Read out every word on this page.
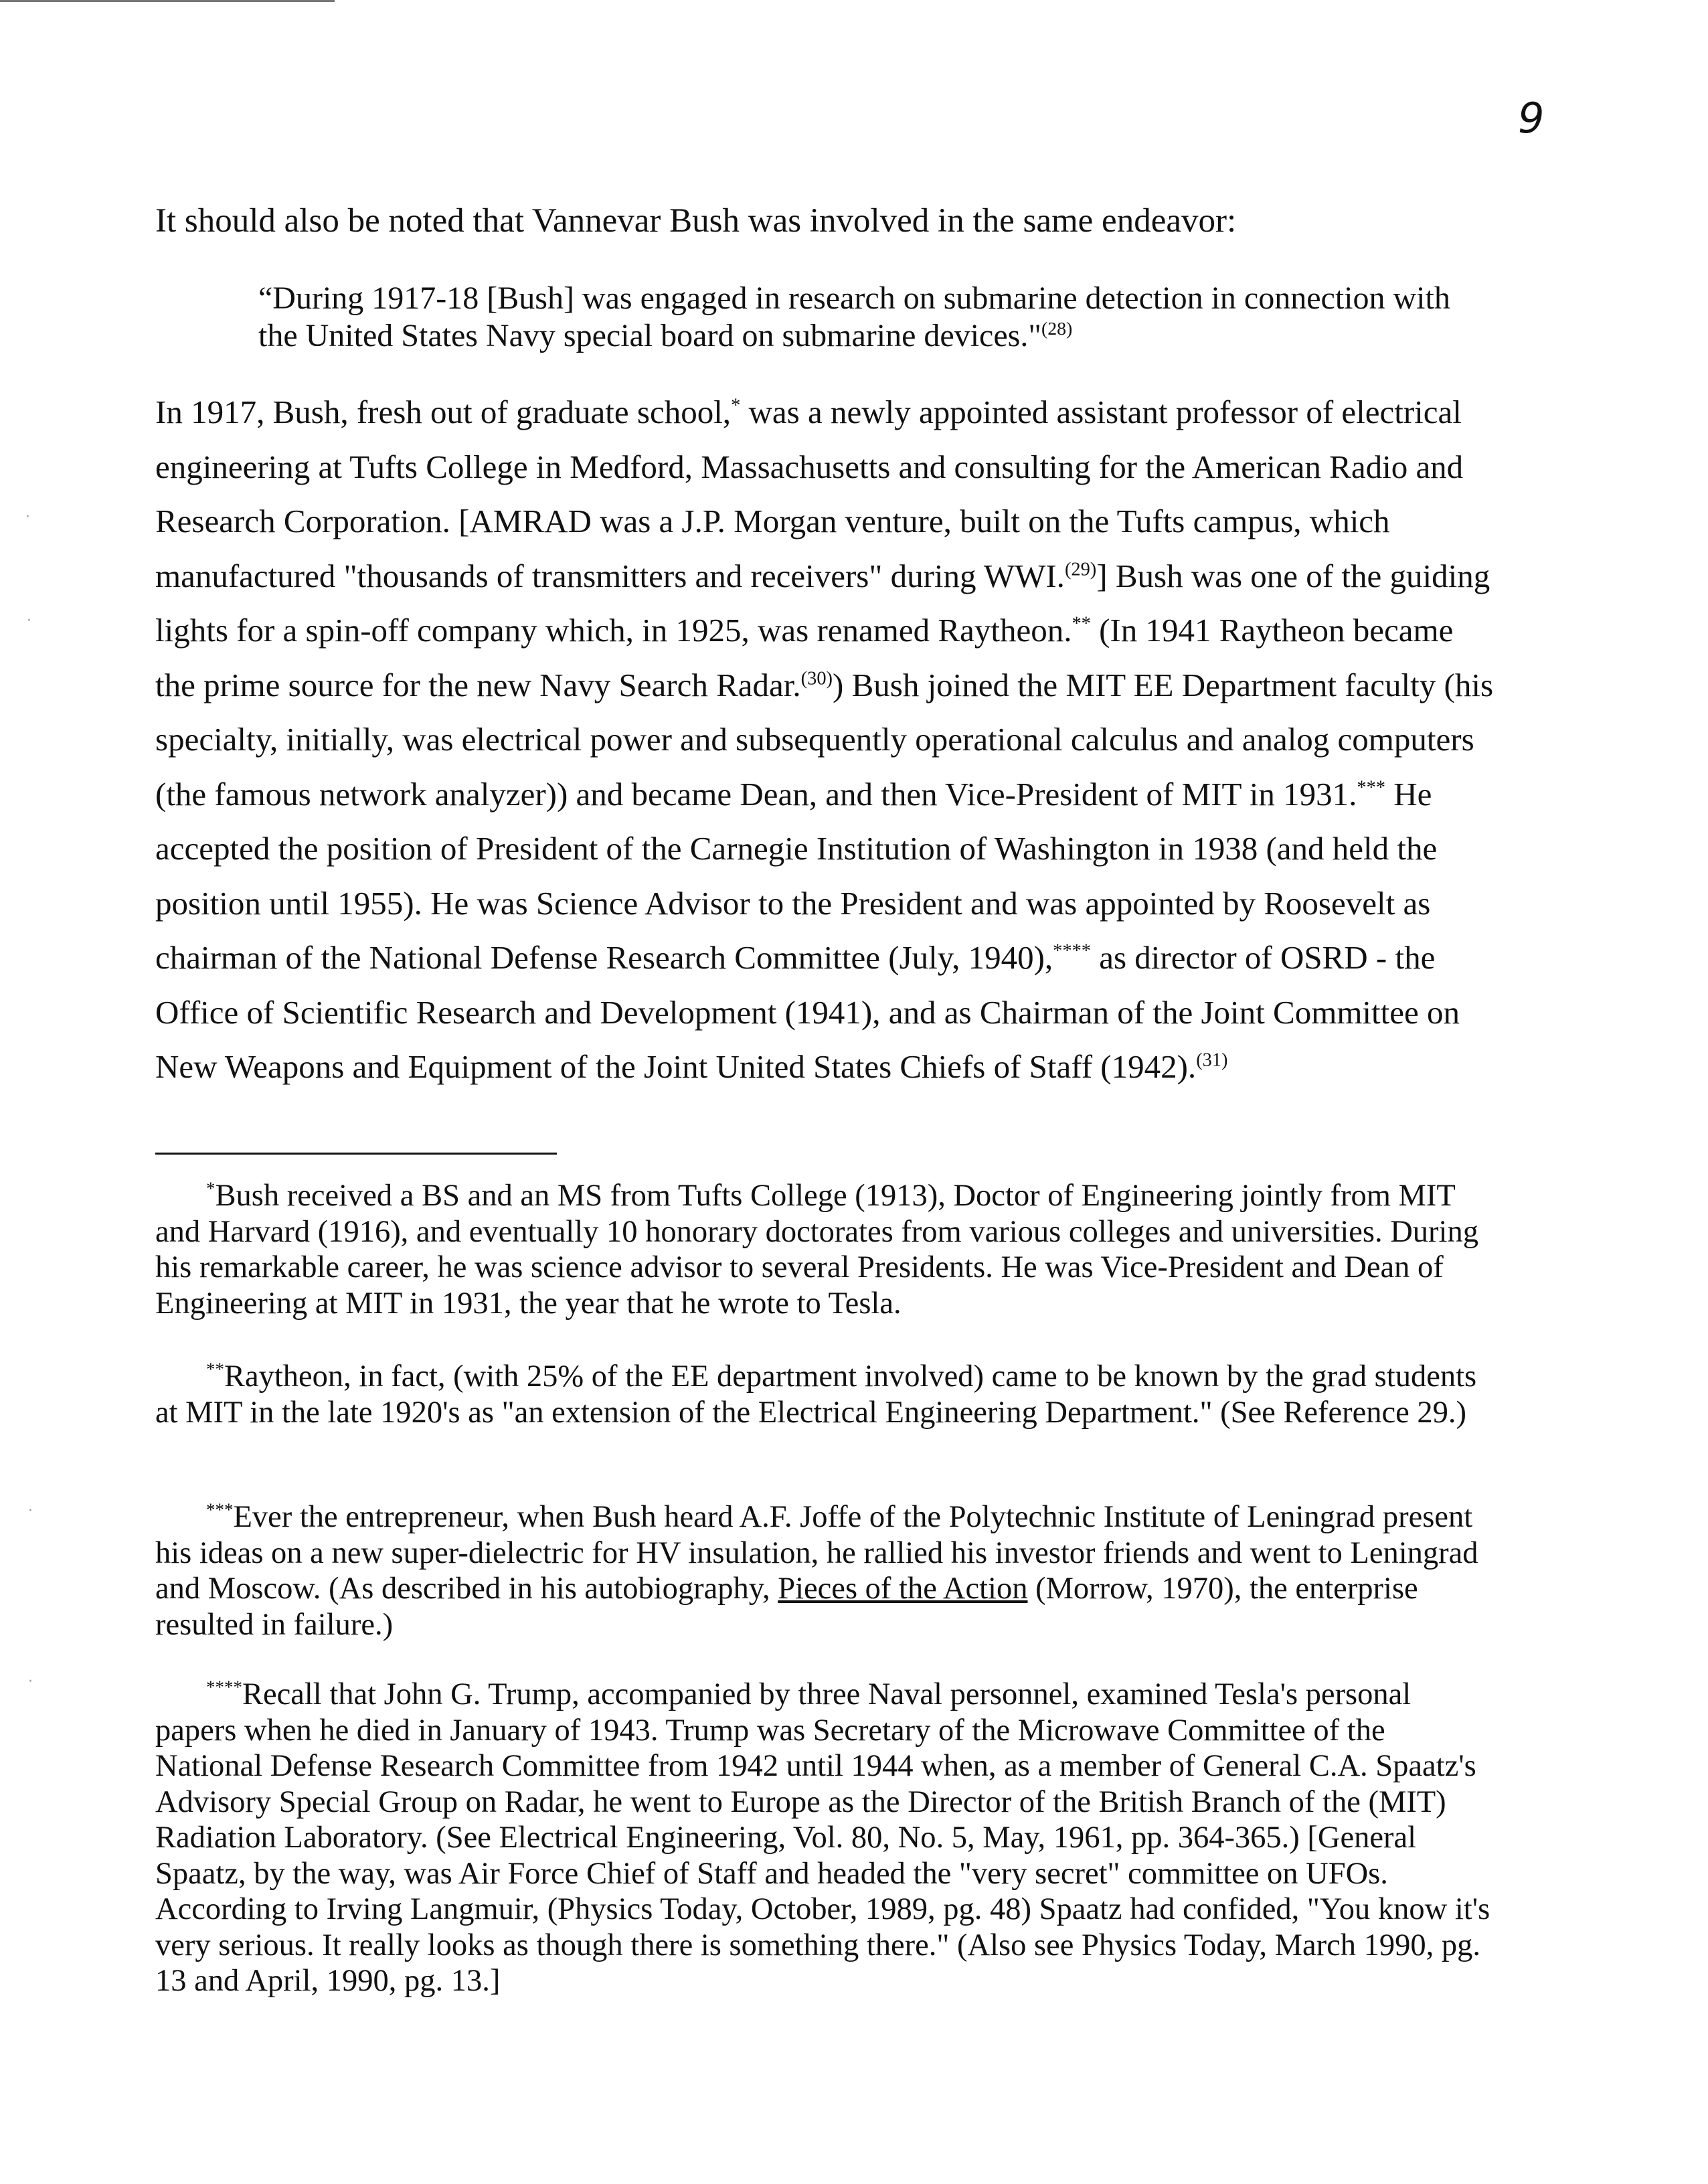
9

It should also be noted that Vannevar Bush was involved in the same endeavor:

“During 1917-18 [Bush] was engaged in research on submarine detection in connection with the United States Navy special board on submarine devices."$^{(28)}$

In 1917, Bush, fresh out of graduate school,* was a newly appointed assistant professor of electrical engineering at Tufts College in Medford, Massachusetts and consulting for the American Radio and Research Corporation. [AMRAD was a J.P. Morgan venture, built on the Tufts campus, which manufactured "thousands of transmitters and receivers" during WWI.$^{(29)}$] Bush was one of the guiding lights for a spin-off company which, in 1925, was renamed Raytheon.** (In 1941 Raytheon became the prime source for the new Navy Search Radar.$^{(30)}$) Bush joined the MIT EE Department faculty (his specialty, initially, was electrical power and subsequently operational calculus and analog computers (the famous network analyzer)) and became Dean, and then Vice-President of MIT in 1931.*** He accepted the position of President of the Carnegie Institution of Washington in 1938 (and held the position until 1955). He was Science Advisor to the President and was appointed by Roosevelt as chairman of the National Defense Research Committee (July, 1940),**** as director of OSRD - the Office of Scientific Research and Development (1941), and as Chairman of the Joint Committee on New Weapons and Equipment of the Joint United States Chiefs of Staff (1942).$^{(31)}$

*Bush received a BS and an MS from Tufts College (1913), Doctor of Engineering jointly from MIT and Harvard (1916), and eventually 10 honorary doctorates from various colleges and universities. During his remarkable career, he was science advisor to several Presidents. He was Vice-President and Dean of Engineering at MIT in 1931, the year that he wrote to Tesla.

**Raytheon, in fact, (with 25% of the EE department involved) came to be known by the grad students at MIT in the late 1920's as "an extension of the Electrical Engineering Department." (See Reference 29.)

***Ever the entrepreneur, when Bush heard A.F. Joffe of the Polytechnic Institute of Leningrad present his ideas on a new super-dielectric for HV insulation, he rallied his investor friends and went to Leningrad and Moscow. (As described in his autobiography, Pieces of the Action (Morrow, 1970), the enterprise resulted in failure.)

****Recall that John G. Trump, accompanied by three Naval personnel, examined Tesla's personal papers when he died in January of 1943. Trump was Secretary of the Microwave Committee of the National Defense Research Committee from 1942 until 1944 when, as a member of General C.A. Spaatz's Advisory Special Group on Radar, he went to Europe as the Director of the British Branch of the (MIT) Radiation Laboratory. (See Electrical Engineering, Vol. 80, No. 5, May, 1961, pp. 364-365.) [General Spaatz, by the way, was Air Force Chief of Staff and headed the "very secret" committee on UFOs. According to Irving Langmuir, (Physics Today, October, 1989, pg. 48) Spaatz had confided, "You know it's very serious. It really looks as though there is something there." (Also see Physics Today, March 1990, pg. 13 and April, 1990, pg. 13.]

·
·
·
·
